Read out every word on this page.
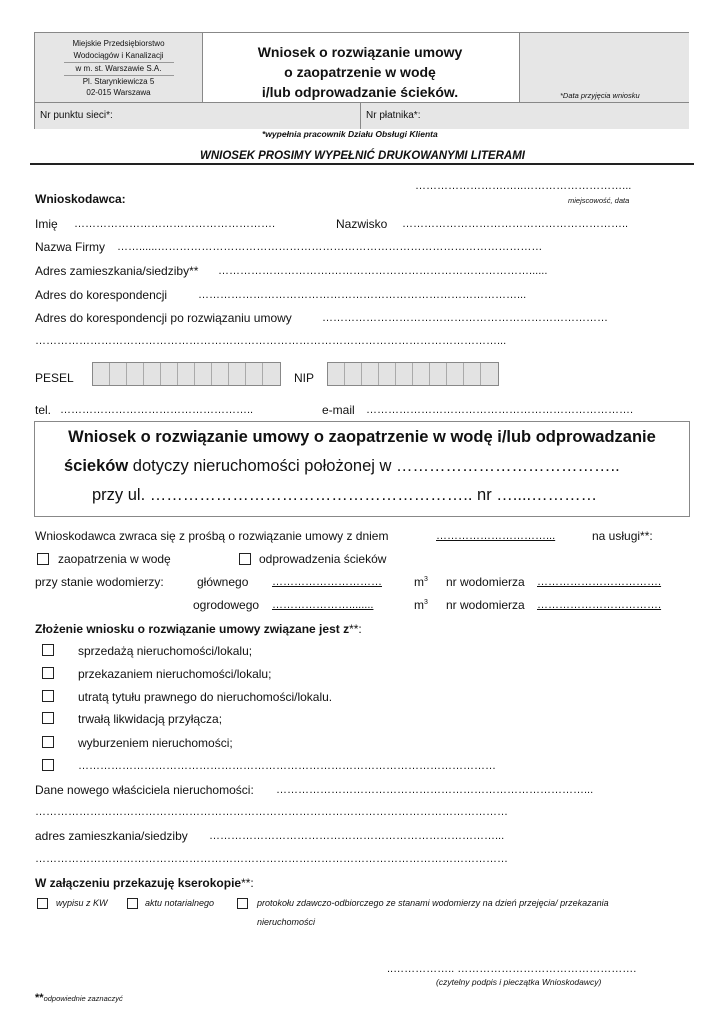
Miejskie Przedsiębiorstwo
Wodociągów i Kanalizacji
w m. st. Warszawie S.A.
Pl. Starynkiewicza 5
02-015 Warszawa
Wniosek o rozwiązanie umowy
o zaopatrzenie w wodę
i/lub odprowadzanie ścieków.	*Data przyjęcia wniosku
Nr punktu sieci*:	Nr płatnika*:
*wypełnia pracownik Działu Obsługi Klienta
WNIOSEK PROSIMY WYPEŁNIĆ DRUKOWANYMI LITERAMI
…………………….…..………………………...
miejscowość, data
Wnioskodawca:
Imię ……………………………………………….	Nazwisko ……………………………………………………..
Nazwa Firmy ……......……………………………………………………………………………………………
Adres zamieszkania/siedziby** ………………………….………………………………………………......
Adres do korespondencji	……………………………………………………………………………...
Adres do korespondencji po rozwiązaniu umowy	……………………………………………………………………
………………………………………………………………………………………………………………...
PESEL	NIP
tel. ……………………………………………..	e-mail ……………………………………………………………….
Wniosek o rozwiązanie umowy o zaopatrzenie w wodę i/lub odprowadzanie
ścieków dotyczy nieruchomości położonej w …………………………………..
przy ul. ………………………………………………….. nr …....…………
Wnioskodawca zwraca się z prośbą o rozwiązanie umowy z dniem	…………………………...	na usługi**:
zaopatrzenia w wodę	odprowadzenia ścieków
przy stanie wodomierzy:	głównego …………………………	$m^3$ nr wodomierza …………………………….
ogrodowego …………………........	$m^3$ nr wodomierza …………………………….
Złożenie wniosku o rozwiązanie umowy związane jest z**:
sprzedażą nieruchomości/lokalu;
przekazaniem nieruchomości/lokalu;
utratą tytułu prawnego do nieruchomości/lokalu.
trwałą likwidacją przyłącza;
wyburzeniem nieruchomości;
……………………………………………………………………………………………………
Dane nowego właściciela nieruchomości: …………………………………………………………………………...
…………………………………………………………………………………………………………………
adres zamieszkania/siedziby ……………………………………………………………………...
…………………………………………………………………………………………………………………
W załączeniu przekazuję kserokopie**:
wypisu z KW	aktu notarialnego	protokołu zdawczo-odbiorczego ze stanami wodomierzy na dzień przejęcia/ przekazania
nieruchomości
..…………….. ………………………………………….
(czytelny podpis i pieczątka Wnioskodawcy)
**odpowiednie zaznaczyć
